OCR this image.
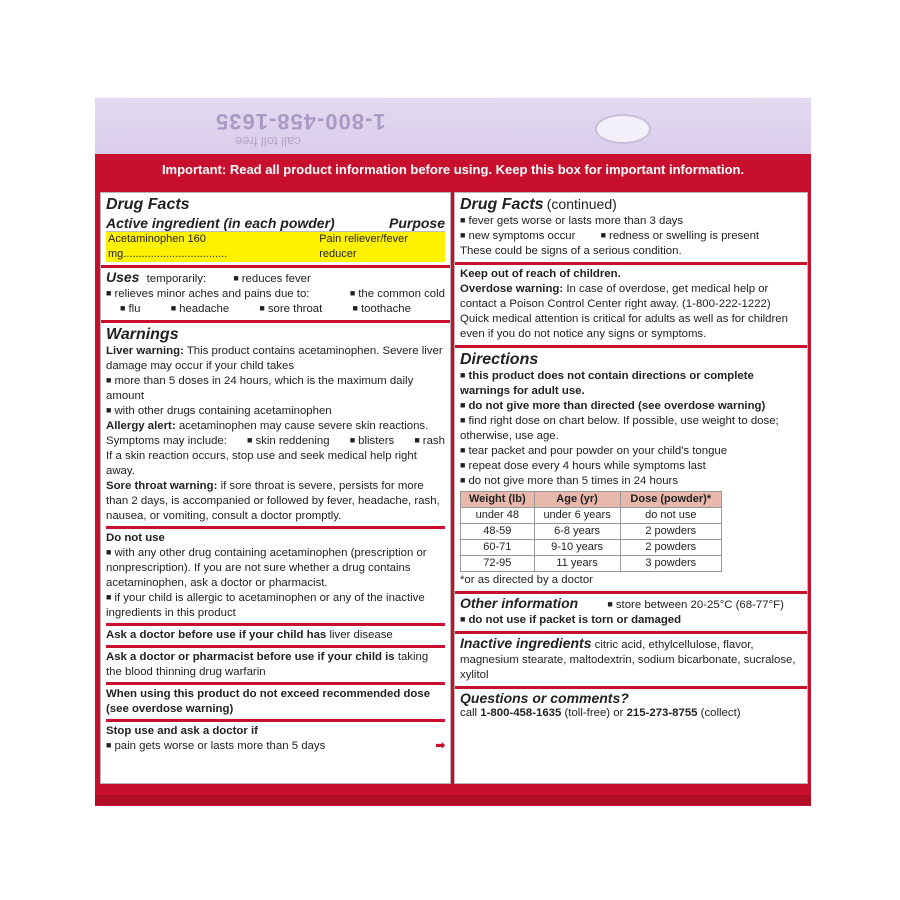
1-800-458-1635
call toll free
Important: Read all product information before using. Keep this box for important information.
Drug Facts
Active ingredient (in each powder)	Purpose
Acetaminophen 160 mg..................................
Pain reliever/fever reducer
Uses temporarily:	■ reduces fever
■ relieves minor aches and pains due to:	■ the common cold
■ flu	■ headache	■ sore throat	■ toothache
Warnings
Liver warning: This product contains acetaminophen. Severe liver damage may occur if your child takes
■ more than 5 doses in 24 hours, which is the maximum daily amount
■ with other drugs containing acetaminophen
Allergy alert: acetaminophen may cause severe skin reactions.
Symptoms may include:	■ skin reddening	■ blisters	■ rash
If a skin reaction occurs, stop use and seek medical help right away.
Sore throat warning: if sore throat is severe, persists for more than 2 days, is accompanied or followed by fever, headache, rash, nausea, or vomiting, consult a doctor promptly.
Do not use
■ with any other drug containing acetaminophen (prescription or nonprescription). If you are not sure whether a drug contains acetaminophen, ask a doctor or pharmacist.
■ if your child is allergic to acetaminophen or any of the inactive ingredients in this product
Ask a doctor before use if your child has liver disease
Ask a doctor or pharmacist before use if your child is taking the blood thinning drug warfarin
When using this product do not exceed recommended dose (see overdose warning)
Stop use and ask a doctor if
■ pain gets worse or lasts more than 5 days	➡
Drug Facts (continued)
■ fever gets worse or lasts more than 3 days
■ new symptoms occur	■ redness or swelling is present
These could be signs of a serious condition.
Keep out of reach of children.
Overdose warning: In case of overdose, get medical help or contact a Poison Control Center right away. (1-800-222-1222) Quick medical attention is critical for adults as well as for children even if you do not notice any signs or symptoms.
Directions
■ this product does not contain directions or complete warnings for adult use.
■ do not give more than directed (see overdose warning)
■ find right dose on chart below. If possible, use weight to dose; otherwise, use age.
■ tear packet and pour powder on your child's tongue
■ repeat dose every 4 hours while symptoms last
■ do not give more than 5 times in 24 hours
Weight (lb)	Age (yr)	Dose (powder)*
under 48	under 6 years	do not use
48-59	6-8 years	2 powders
60-71	9-10 years	2 powders
72-95	11 years	3 powders
*or as directed by a doctor
Other information	■ store between 20-25°C (68-77°F)
■ do not use if packet is torn or damaged
Inactive ingredients citric acid, ethylcellulose, flavor, magnesium stearate, maltodextrin, sodium bicarbonate, sucralose, xylitol
Questions or comments?
call 1-800-458-1635 (toll-free) or 215-273-8755 (collect)
